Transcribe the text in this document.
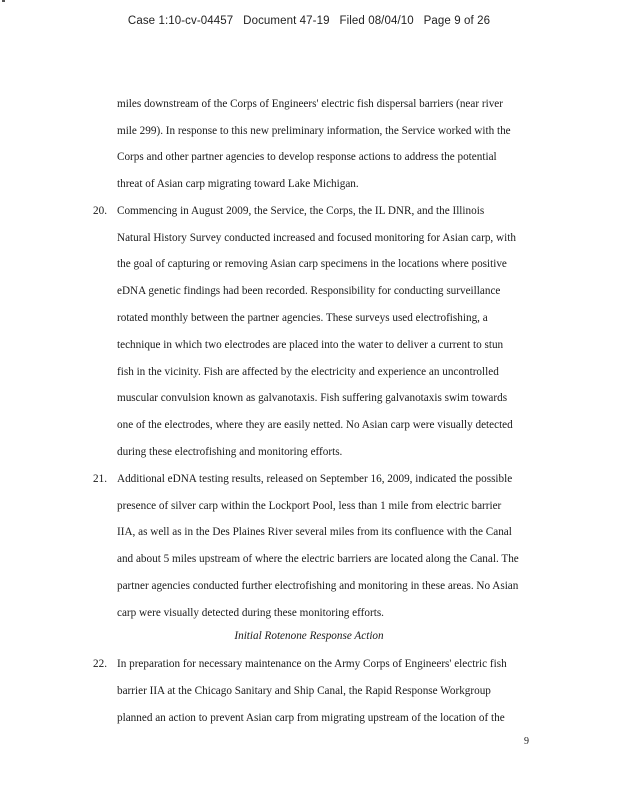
Case 1:10-cv-04457   Document 47-19   Filed 08/04/10   Page 9 of 26
miles downstream of the Corps of Engineers' electric fish dispersal barriers (near river
mile 299). In response to this new preliminary information, the Service worked with the
Corps and other partner agencies to develop response actions to address the potential
threat of Asian carp migrating toward Lake Michigan.
20. Commencing in August 2009, the Service, the Corps, the IL DNR, and the Illinois
Natural History Survey conducted increased and focused monitoring for Asian carp, with
the goal of capturing or removing Asian carp specimens in the locations where positive
eDNA genetic findings had been recorded. Responsibility for conducting surveillance
rotated monthly between the partner agencies. These surveys used electrofishing, a
technique in which two electrodes are placed into the water to deliver a current to stun
fish in the vicinity. Fish are affected by the electricity and experience an uncontrolled
muscular convulsion known as galvanotaxis. Fish suffering galvanotaxis swim towards
one of the electrodes, where they are easily netted. No Asian carp were visually detected
during these electrofishing and monitoring efforts.
21. Additional eDNA testing results, released on September 16, 2009, indicated the possible
presence of silver carp within the Lockport Pool, less than 1 mile from electric barrier
IIA, as well as in the Des Plaines River several miles from its confluence with the Canal
and about 5 miles upstream of where the electric barriers are located along the Canal. The
partner agencies conducted further electrofishing and monitoring in these areas. No Asian
carp were visually detected during these monitoring efforts.
Initial Rotenone Response Action
22. In preparation for necessary maintenance on the Army Corps of Engineers' electric fish
barrier IIA at the Chicago Sanitary and Ship Canal, the Rapid Response Workgroup
planned an action to prevent Asian carp from migrating upstream of the location of the
9
